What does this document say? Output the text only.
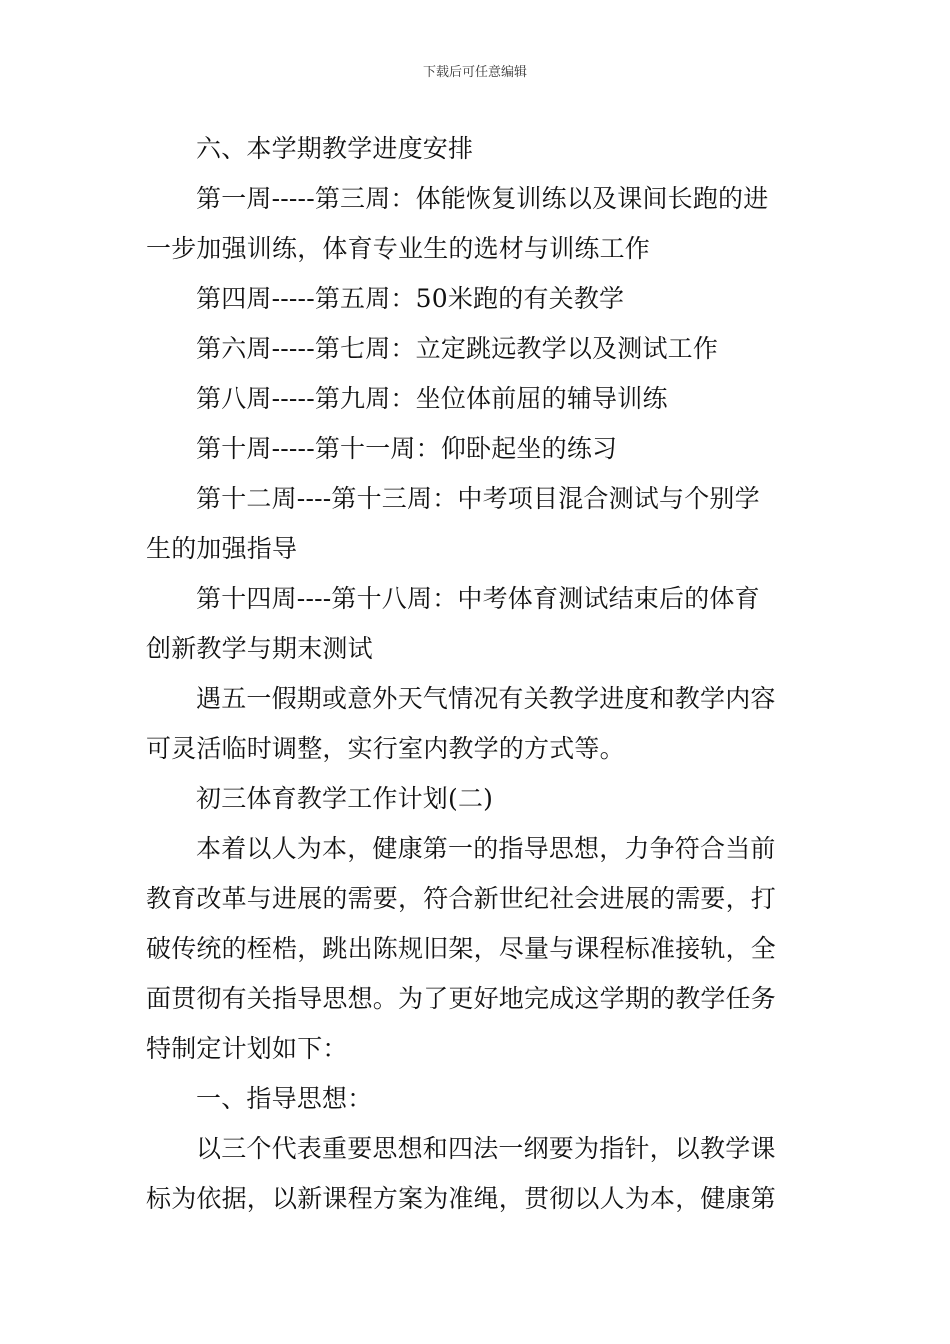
下载后可任意编辑
六、本学期教学进度安排
第一周-----第三周：体能恢复训练以及课间长跑的进
一步加强训练，体育专业生的选材与训练工作
第四周-----第五周：50米跑的有关教学
第六周-----第七周：立定跳远教学以及测试工作
第八周-----第九周：坐位体前屈的辅导训练
第十周-----第十一周：仰卧起坐的练习
第十二周----第十三周：中考项目混合测试与个别学
生的加强指导
第十四周----第十八周：中考体育测试结束后的体育
创新教学与期末测试
遇五一假期或意外天气情况有关教学进度和教学内容
可灵活临时调整，实行室内教学的方式等。
初三体育教学工作计划(二)
本着以人为本，健康第一的指导思想，力争符合当前
教育改革与进展的需要，符合新世纪社会进展的需要，打
破传统的桎梏，跳出陈规旧架，尽量与课程标准接轨，全
面贯彻有关指导思想。为了更好地完成这学期的教学任务
特制定计划如下：
一、指导思想：
以三个代表重要思想和四法一纲要为指针，以教学课
标为依据，以新课程方案为准绳，贯彻以人为本，健康第
